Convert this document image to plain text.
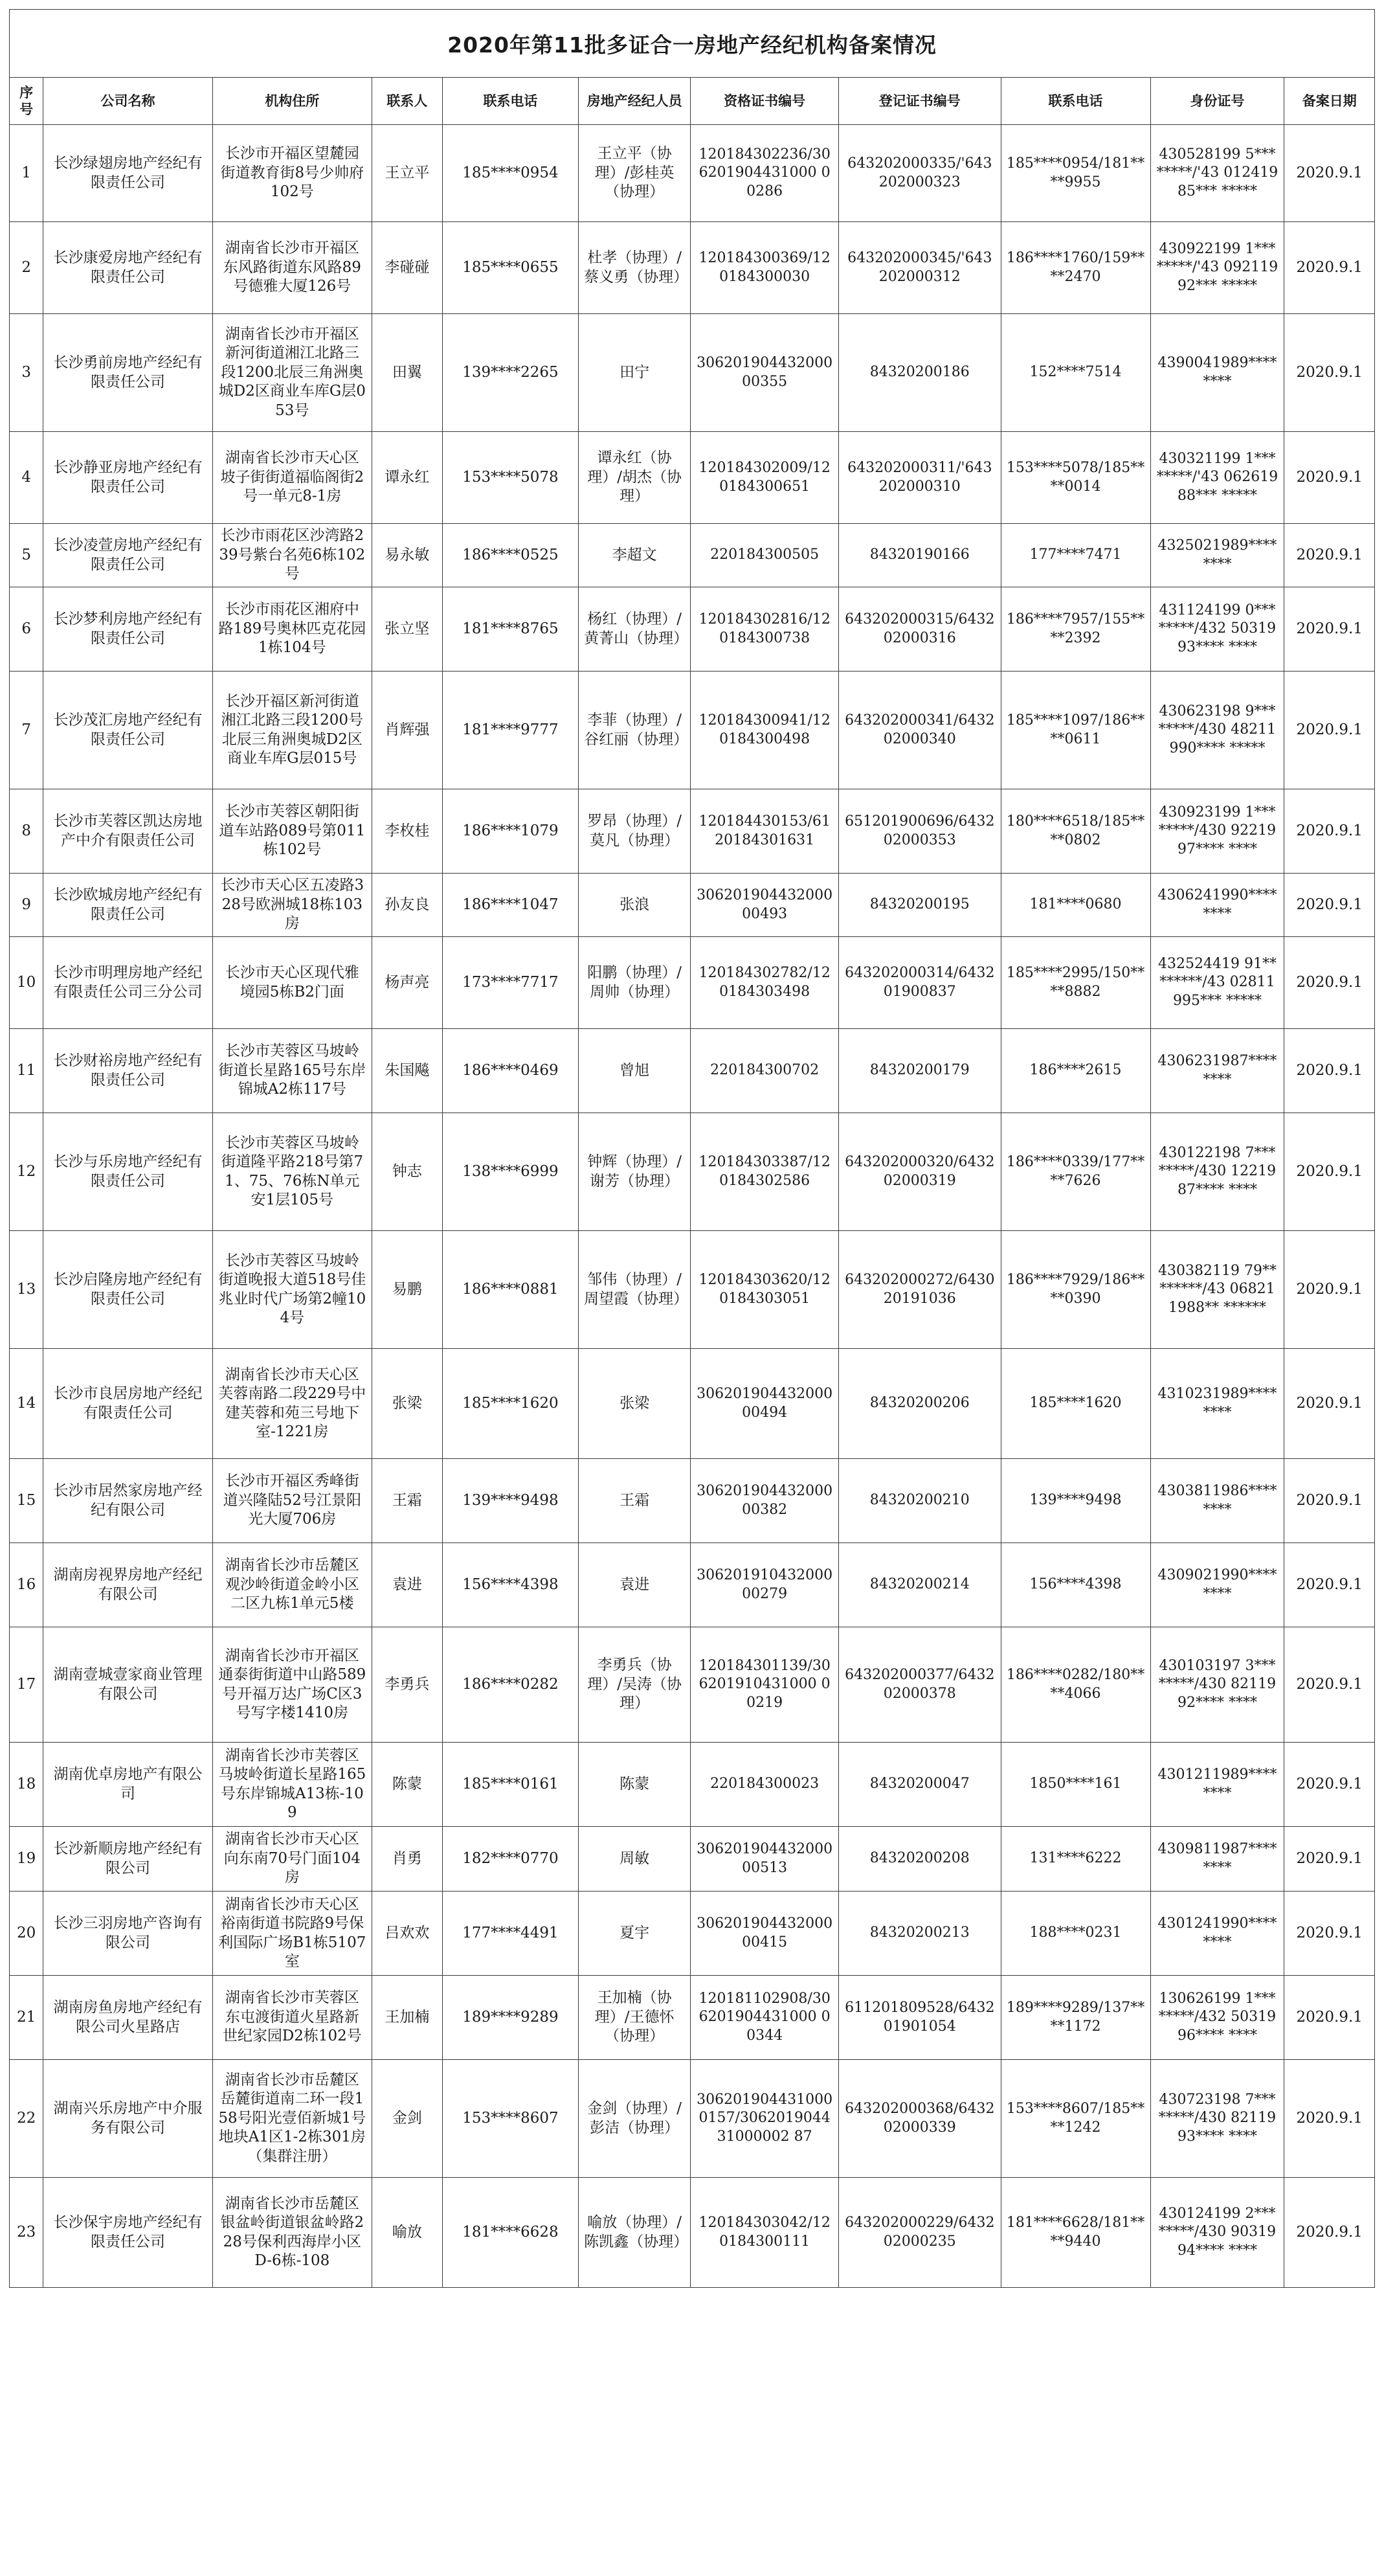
2020年第11批多证合一房地产经纪机构备案情况
序号	公司名称	机构住所	联系人	联系电话	房地产经纪人员	资格证书编号	登记证书编号	联系电话	身份证号	备案日期
1	长沙绿翅房地产经纪有限责任公司	长沙市开福区望麓园街道教育街8号少帅府102号	王立平	185****0954	王立平（协理）/彭桂英（协理）	120184302236/306201904431000 00286	643202000335/'643202000323	185****0954/181****9955	430528199 5********/'43 01241985*** *****	2020.9.1
2	长沙康爱房地产经纪有限责任公司	湖南省长沙市开福区东风路街道东风路89号德雅大厦126号	李碰碰	185****0655	杜孝（协理）/蔡义勇（协理）	120184300369/120184300030	643202000345/'643202000312	186****1760/159****2470	430922199 1********/'43 09211992*** *****	2020.9.1
3	长沙勇前房地产经纪有限责任公司	湖南省长沙市开福区新河街道湘江北路三段1200北辰三角洲奥城D2区商业车库G层053号	田翼	139****2265	田宁	30620190443200000355	84320200186	152****7514	4390041989********	2020.9.1
4	长沙静亚房地产经纪有限责任公司	湖南省长沙市天心区坡子街街道福临阁街2号一单元8-1房	谭永红	153****5078	谭永红（协理）/胡杰（协理）	120184302009/120184300651	643202000311/'643202000310	153****5078/185****0014	430321199 1********/'43 06261988*** *****	2020.9.1
5	长沙凌萱房地产经纪有限责任公司	长沙市雨花区沙湾路239号紫台名苑6栋102号	易永敏	186****0525	李超文	220184300505	84320190166	177****7471	4325021989********	2020.9.1
6	长沙梦利房地产经纪有限责任公司	长沙市雨花区湘府中路189号奥林匹克花园1栋104号	张立坚	181****8765	杨红（协理）/黄菁山（协理）	120184302816/120184300738	643202000315/643202000316	186****7957/155****2392	431124199 0********/432 5031993**** ****	2020.9.1
7	长沙茂汇房地产经纪有限责任公司	长沙开福区新河街道湘江北路三段1200号北辰三角洲奥城D2区商业车库G层015号	肖辉强	181****9777	李菲（协理）/谷红丽（协理）	120184300941/120184300498	643202000341/643202000340	185****1097/186****0611	430623198 9********/430 48211990**** *****	2020.9.1
8	长沙市芙蓉区凯达房地产中介有限责任公司	长沙市芙蓉区朝阳街道车站路089号第011栋102号	李枚桂	186****1079	罗昂（协理）/莫凡（协理）	120184430153/6120184301631	651201900696/643202000353	180****6518/185****0802	430923199 1********/430 9221997**** ****	2020.9.1
9	长沙欧城房地产经纪有限责任公司	长沙市天心区五凌路328号欧洲城18栋103房	孙友良	186****1047	张浪	30620190443200000493	84320200195	181****0680	4306241990********	2020.9.1
10	长沙市明理房地产经纪有限责任公司三分公司	长沙市天心区现代雅境园5栋B2门面	杨声亮	173****7717	阳鹏（协理）/周帅（协理）	120184302782/120184303498	643202000314/643201900837	185****2995/150****8882	432524419 91********/43 02811995*** *****	2020.9.1
11	长沙财裕房地产经纪有限责任公司	长沙市芙蓉区马坡岭街道长星路165号东岸锦城A2栋117号	朱国飚	186****0469	曾旭	220184300702	84320200179	186****2615	4306231987********	2020.9.1
12	长沙与乐房地产经纪有限责任公司	长沙市芙蓉区马坡岭街道隆平路218号第71、75、76栋N单元安1层105号	钟志	138****6999	钟辉（协理）/谢芳（协理）	120184303387/120184302586	643202000320/643202000319	186****0339/177****7626	430122198 7********/430 1221987**** ****	2020.9.1
13	长沙启隆房地产经纪有限责任公司	长沙市芙蓉区马坡岭街道晚报大道518号佳兆业时代广场第2幢104号	易鹏	186****0881	邹伟（协理）/周望霞（协理）	120184303620/120184303051	643202000272/643020191036	186****7929/186****0390	430382119 79********/43 068211988** ******	2020.9.1
14	长沙市良居房地产经纪有限责任公司	湖南省长沙市天心区芙蓉南路二段229号中建芙蓉和苑三号地下室-1221房	张梁	185****1620	张梁	30620190443200000494	84320200206	185****1620	4310231989********	2020.9.1
15	长沙市居然家房地产经纪有限公司	长沙市开福区秀峰街道兴隆陆52号江景阳光大厦706房	王霜	139****9498	王霜	30620190443200000382	84320200210	139****9498	4303811986********	2020.9.1
16	湖南房视界房地产经纪有限公司	湖南省长沙市岳麓区观沙岭街道金岭小区二区九栋1单元5楼	袁进	156****4398	袁进	30620191043200000279	84320200214	156****4398	4309021990********	2020.9.1
17	湖南壹城壹家商业管理有限公司	湖南省长沙市开福区通泰街街道中山路589号开福万达广场C区3号写字楼1410房	李勇兵	186****0282	李勇兵（协理）/吴涛（协理）	120184301139/306201910431000 00219	643202000377/643202000378	186****0282/180****4066	430103197 3********/430 8211992**** ****	2020.9.1
18	湖南优卓房地产有限公司	湖南省长沙市芙蓉区马坡岭街道长星路165号东岸锦城A13栋-109	陈蒙	185****0161	陈蒙	220184300023	84320200047	1850****161	4301211989********	2020.9.1
19	长沙新顺房地产经纪有限公司	湖南省长沙市天心区向东南70号门面104房	肖勇	182****0770	周敏	30620190443200000513	84320200208	131****6222	4309811987********	2020.9.1
20	长沙三羽房地产咨询有限公司	湖南省长沙市天心区裕南街道书院路9号保利国际广场B1栋5107室	吕欢欢	177****4491	夏宇	30620190443200000415	84320200213	188****0231	4301241990********	2020.9.1
21	湖南房鱼房地产经纪有限公司火星路店	湖南省长沙市芙蓉区东屯渡街道火星路新世纪家园D2栋102号	王加楠	189****9289	王加楠（协理）/王德怀（协理）	120181102908/306201904431000 00344	611201809528/643201901054	189****9289/137****1172	130626199 1********/432 5031996**** ****	2020.9.1
22	湖南兴乐房地产中介服务有限公司	湖南省长沙市岳麓区岳麓街道南二环一段158号阳光壹佰新城1号地块A1区1-2栋301房（集群注册）	金剑	153****8607	金剑（协理）/彭洁（协理）	306201904431000 0157/306201904431000002 87	643202000368/643202000339	153****8607/185****1242	430723198 7********/430 8211993**** ****	2020.9.1
23	长沙保宇房地产经纪有限责任公司	湖南省长沙市岳麓区银盆岭街道银盆岭路228号保利西海岸小区D-6栋-108	喻放	181****6628	喻放（协理）/陈凯鑫（协理）	120184303042/120184300111	643202000229/643202000235	181****6628/181****9440	430124199 2********/430 9031994**** ****	2020.9.1
